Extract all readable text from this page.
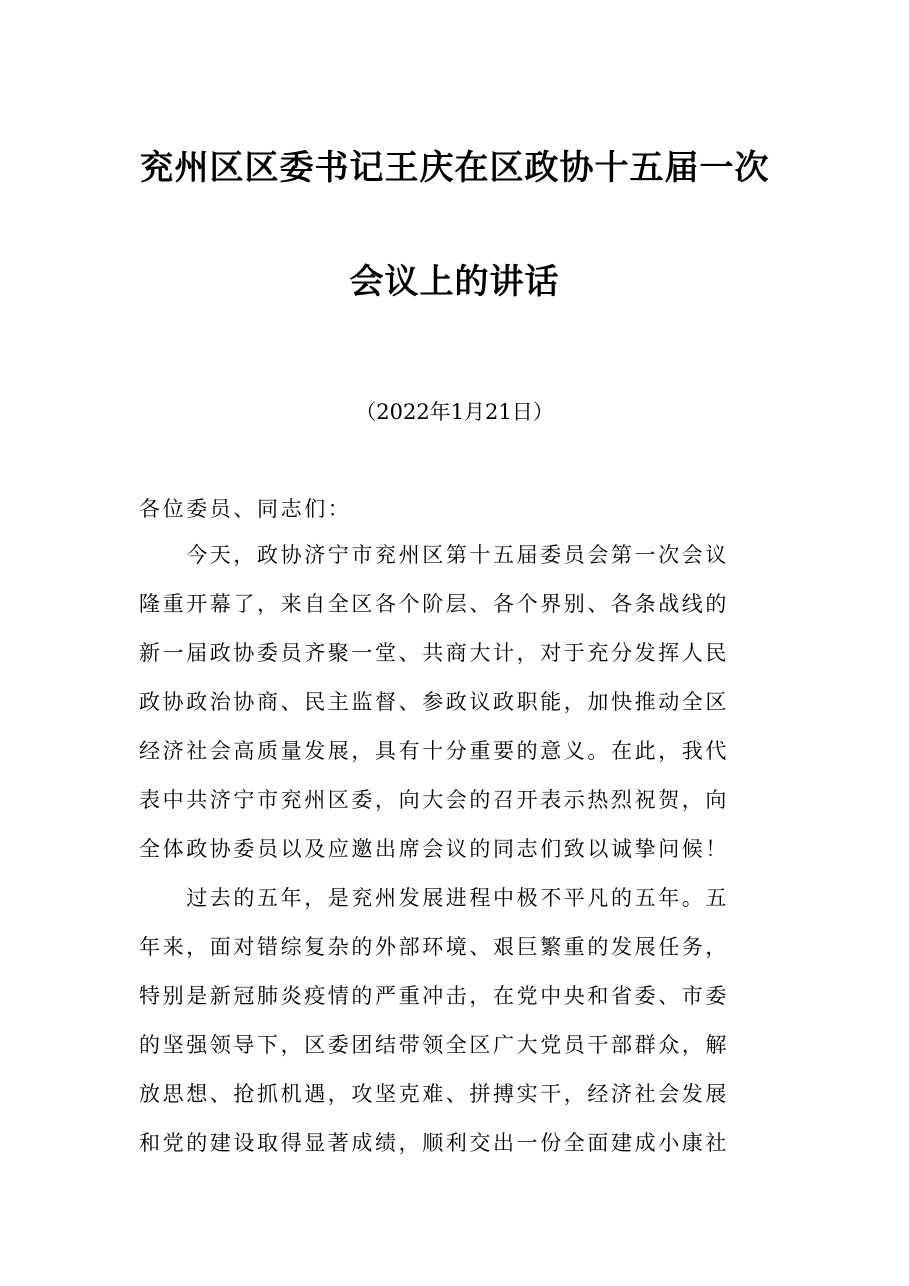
兖州区区委书记王庆在区政协十五届一次
会议上的讲话
（2022年1月21日）
各位委员、同志们：
　　今天，政协济宁市兖州区第十五届委员会第一次会议
隆重开幕了，来自全区各个阶层、各个界别、各条战线的
新一届政协委员齐聚一堂、共商大计，对于充分发挥人民
政协政治协商、民主监督、参政议政职能，加快推动全区
经济社会高质量发展，具有十分重要的意义。在此，我代
表中共济宁市兖州区委，向大会的召开表示热烈祝贺，向
全体政协委员以及应邀出席会议的同志们致以诚挚问候！
　　过去的五年，是兖州发展进程中极不平凡的五年。五
年来，面对错综复杂的外部环境、艰巨繁重的发展任务，
特别是新冠肺炎疫情的严重冲击，在党中央和省委、市委
的坚强领导下，区委团结带领全区广大党员干部群众，解
放思想、抢抓机遇，攻坚克难、拼搏实干，经济社会发展
和党的建设取得显著成绩，顺利交出一份全面建成小康社
